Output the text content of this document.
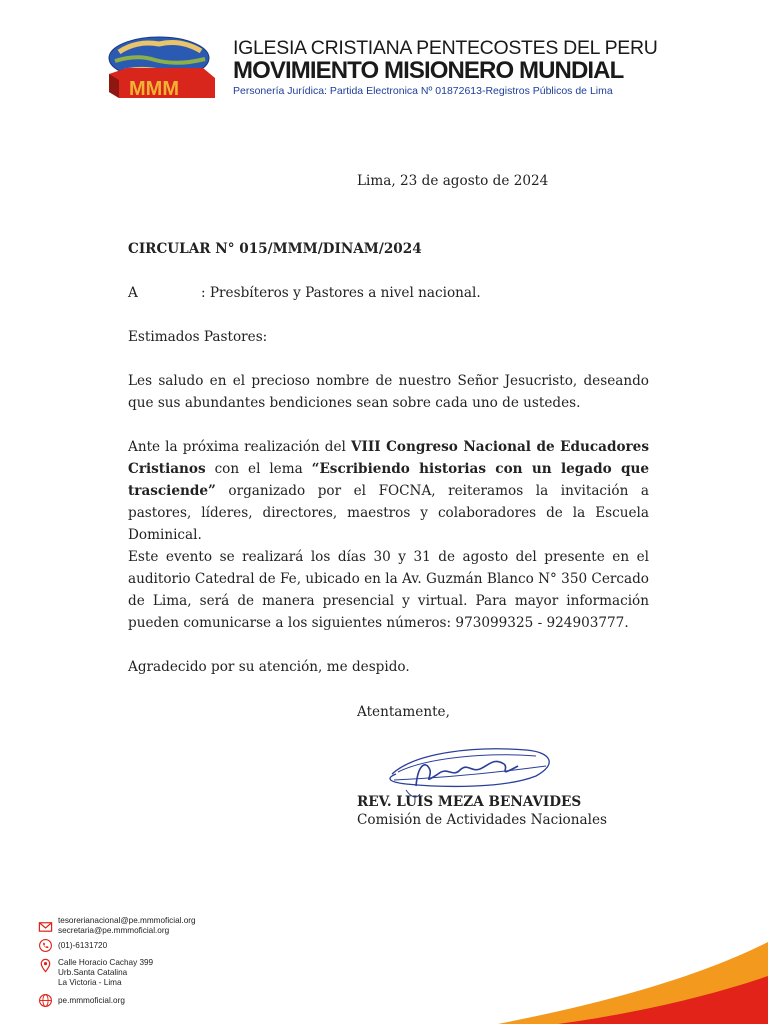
MMM
IGLESIA CRISTIANA PENTECOSTES DEL PERU
MOVIMIENTO MISIONERO MUNDIAL
Personería Jurídica: Partida Electronica Nº 01872613-Registros Públicos de Lima
Lima, 23 de agosto de 2024
CIRCULAR N° 015/MMM/DINAM/2024
A	: Presbíteros y Pastores a nivel nacional.
Estimados Pastores:
Les saludo en el precioso nombre de nuestro Señor Jesucristo, deseando que sus abundantes bendiciones sean sobre cada uno de ustedes.
Ante la próxima realización del VIII Congreso Nacional de Educadores Cristianos con el lema “Escribiendo historias con un legado que trasciende” organizado por el FOCNA, reiteramos la invitación a pastores, líderes, directores, maestros y colaboradores de la Escuela Dominical.
Este evento se realizará los días 30 y 31 de agosto del presente en el auditorio Catedral de Fe, ubicado en la Av. Guzmán Blanco N° 350 Cercado de Lima, será de manera presencial y virtual. Para mayor información pueden comunicarse a los siguientes números: 973099325 - 924903777.
Agradecido por su atención, me despido.
Atentamente,
REV. LUIS MEZA BENAVIDES
Comisión de Actividades Nacionales
tesorerianacional@pe.mmmoficial.org
secretaria@pe.mmmoficial.org
(01)-6131720
Calle Horacio Cachay 399
Urb.Santa Catalina
La Victoria - Lima
pe.mmmoficial.org
